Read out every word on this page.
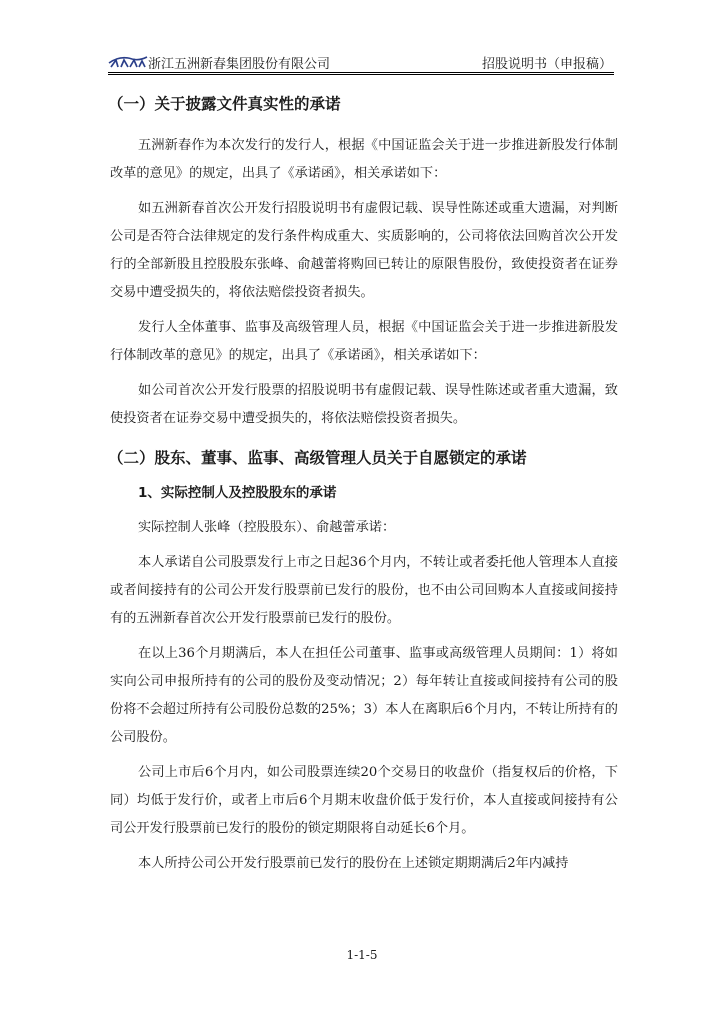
浙江五洲新春集团股份有限公司	招股说明书（申报稿）
（一）关于披露文件真实性的承诺

五洲新春作为本次发行的发行人，根据《中国证监会关于进一步推进新股发行体制改革的意见》的规定，出具了《承诺函》，相关承诺如下：

如五洲新春首次公开发行招股说明书有虚假记载、误导性陈述或重大遗漏，对判断公司是否符合法律规定的发行条件构成重大、实质影响的，公司将依法回购首次公开发行的全部新股且控股股东张峰、俞越蕾将购回已转让的原限售股份，致使投资者在证券交易中遭受损失的，将依法赔偿投资者损失。

发行人全体董事、监事及高级管理人员，根据《中国证监会关于进一步推进新股发行体制改革的意见》的规定，出具了《承诺函》，相关承诺如下：

如公司首次公开发行股票的招股说明书有虚假记载、误导性陈述或者重大遗漏，致使投资者在证券交易中遭受损失的，将依法赔偿投资者损失。

（二）股东、董事、监事、高级管理人员关于自愿锁定的承诺
1、实际控制人及控股股东的承诺

实际控制人张峰（控股股东）、俞越蕾承诺：

本人承诺自公司股票发行上市之日起36个月内，不转让或者委托他人管理本人直接或者间接持有的公司公开发行股票前已发行的股份，也不由公司回购本人直接或间接持有的五洲新春首次公开发行股票前已发行的股份。

在以上36个月期满后，本人在担任公司董事、监事或高级管理人员期间：1）将如实向公司申报所持有的公司的股份及变动情况；2）每年转让直接或间接持有公司的股份将不会超过所持有公司股份总数的25%；3）本人在离职后6个月内，不转让所持有的公司股份。

公司上市后6个月内，如公司股票连续20个交易日的收盘价（指复权后的价格，下同）均低于发行价，或者上市后6个月期末收盘价低于发行价，本人直接或间接持有公司公开发行股票前已发行的股份的锁定期限将自动延长6个月。

本人所持公司公开发行股票前已发行的股份在上述锁定期期满后2年内减持

1-1-5
